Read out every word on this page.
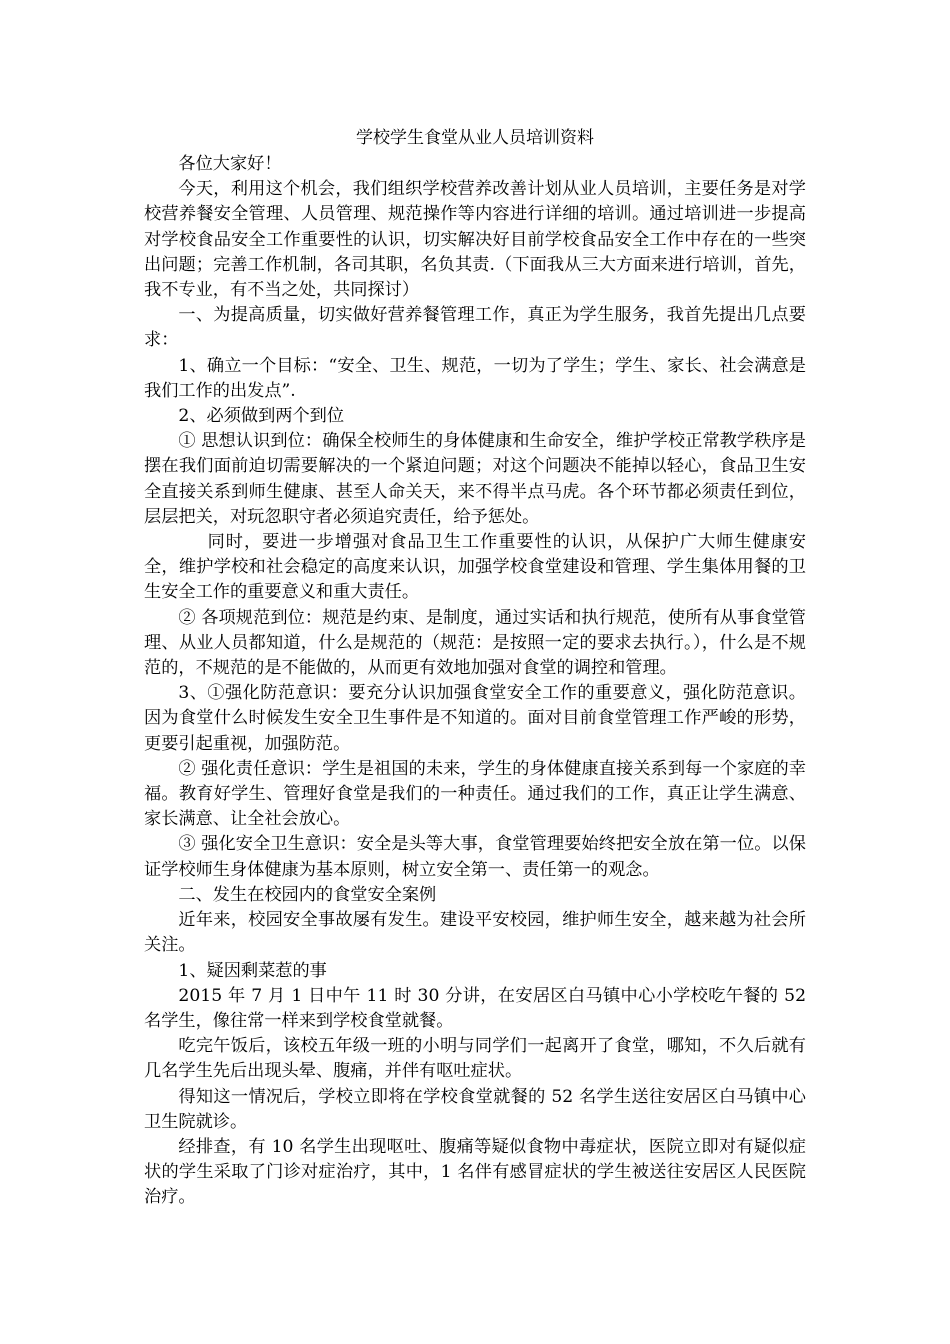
学校学生食堂从业人员培训资料

各位大家好！

今天，利用这个机会，我们组织学校营养改善计划从业人员培训，主要任务是对学校营养餐安全管理、人员管理、规范操作等内容进行详细的培训。通过培训进一步提高对学校食品安全工作重要性的认识，切实解决好目前学校食品安全工作中存在的一些突出问题；完善工作机制，各司其职，名负其责.（下面我从三大方面来进行培训，首先，我不专业，有不当之处，共同探讨）

一、为提高质量，切实做好营养餐管理工作，真正为学生服务，我首先提出几点要求：

1、确立一个目标：“安全、卫生、规范，一切为了学生；学生、家长、社会满意是我们工作的出发点”.

2、必须做到两个到位

① 思想认识到位：确保全校师生的身体健康和生命安全，维护学校正常教学秩序是摆在我们面前迫切需要解决的一个紧迫问题；对这个问题决不能掉以轻心，食品卫生安全直接关系到师生健康、甚至人命关天，来不得半点马虎。各个环节都必须责任到位，层层把关，对玩忽职守者必须追究责任，给予惩处。

同时，要进一步增强对食品卫生工作重要性的认识，从保护广大师生健康安全，维护学校和社会稳定的高度来认识，加强学校食堂建设和管理、学生集体用餐的卫生安全工作的重要意义和重大责任。

② 各项规范到位：规范是约束、是制度，通过实话和执行规范，使所有从事食堂管理、从业人员都知道，什么是规范的（规范：是按照一定的要求去执行。），什么是不规范的，不规范的是不能做的，从而更有效地加强对食堂的调控和管理。

3、①强化防范意识：要充分认识加强食堂安全工作的重要意义，强化防范意识。因为食堂什么时候发生安全卫生事件是不知道的。面对目前食堂管理工作严峻的形势，更要引起重视，加强防范。

② 强化责任意识：学生是祖国的未来，学生的身体健康直接关系到每一个家庭的幸福。教育好学生、管理好食堂是我们的一种责任。通过我们的工作，真正让学生满意、家长满意、让全社会放心。

③ 强化安全卫生意识：安全是头等大事，食堂管理要始终把安全放在第一位。以保证学校师生身体健康为基本原则，树立安全第一、责任第一的观念。

二、发生在校园内的食堂安全案例

近年来，校园安全事故屡有发生。建设平安校园，维护师生安全，越来越为社会所关注。

1、疑因剩菜惹的事

2015 年 7 月 1 日中午 11 时 30 分讲，在安居区白马镇中心小学校吃午餐的 52 名学生，像往常一样来到学校食堂就餐。

吃完午饭后，该校五年级一班的小明与同学们一起离开了食堂，哪知，不久后就有几名学生先后出现头晕、腹痛，并伴有呕吐症状。

得知这一情况后，学校立即将在学校食堂就餐的 52 名学生送往安居区白马镇中心卫生院就诊。

经排查，有 10 名学生出现呕吐、腹痛等疑似食物中毒症状，医院立即对有疑似症状的学生采取了门诊对症治疗，其中，1 名伴有感冒症状的学生被送往安居区人民医院治疗。
